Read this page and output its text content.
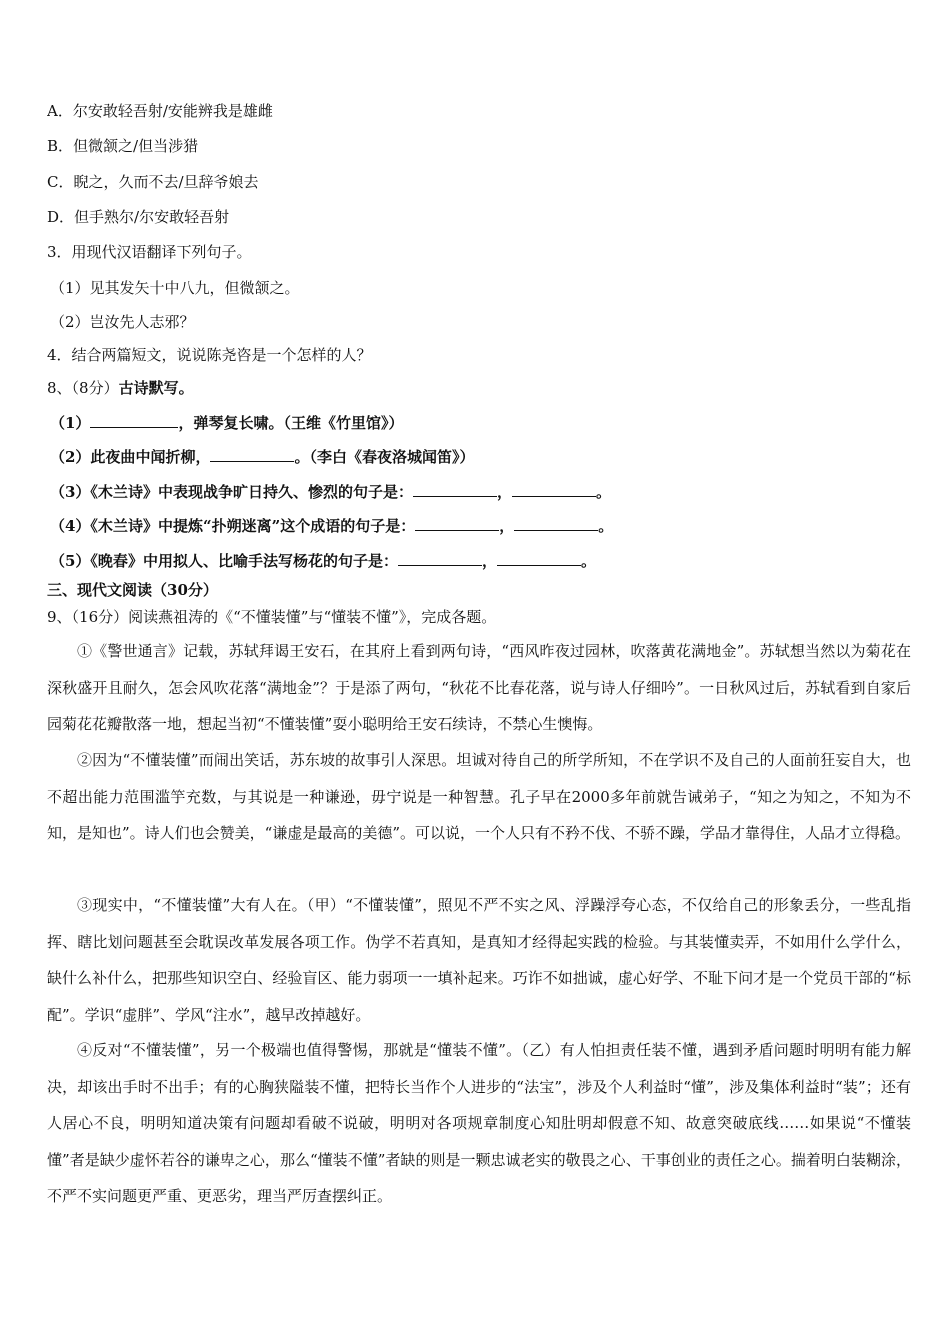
A．尔安敢轻吾射/安能辨我是雄雌
B．但微颔之/但当涉猎
C．睨之，久而不去/旦辞爷娘去
D．但手熟尔/尔安敢轻吾射
3．用现代汉语翻译下列句子。
（1）见其发矢十中八九，但微颔之。
（2）岂汝先人志邪？
4．结合两篇短文，说说陈尧咨是一个怎样的人？
8、（8分）古诗默写。
（1）	，弹琴复长啸。（王维《竹里馆》）
（2）此夜曲中闻折柳，	。（李白《春夜洛城闻笛》）
（3）《木兰诗》中表现战争旷日持久、惨烈的句子是：	，	。
（4）《木兰诗》中提炼“扑朔迷离”这个成语的句子是：	，	。
（5）《晚春》中用拟人、比喻手法写杨花的句子是：	，	。
三、现代文阅读（30分）
9、（16分）阅读燕祖涛的《“不懂装懂”与“懂装不懂”》，完成各题。
①《警世通言》记载，苏轼拜谒王安石，在其府上看到两句诗，“西风昨夜过园林，吹落黄花满地金”。苏轼想当然以为菊花在深秋盛开且耐久，怎会风吹花落“满地金”？于是添了两句，“秋花不比春花落，说与诗人仔细吟”。一日秋风过后，苏轼看到自家后园菊花花瓣散落一地，想起当初“不懂装懂”耍小聪明给王安石续诗，不禁心生懊悔。
②因为“不懂装懂”而闹出笑话，苏东坡的故事引人深思。坦诚对待自己的所学所知，不在学识不及自己的人面前狂妄自大，也不超出能力范围滥竽充数，与其说是一种谦逊，毋宁说是一种智慧。孔子早在2000多年前就告诫弟子，“知之为知之，不知为不知，是知也”。诗人们也会赞美，“谦虚是最高的美德”。可以说，一个人只有不矜不伐、不骄不躁，学品才靠得住，人品才立得稳。
③现实中，“不懂装懂”大有人在。（甲）“不懂装懂”，照见不严不实之风、浮躁浮夸心态，不仅给自己的形象丢分，一些乱指挥、瞎比划问题甚至会耽误改革发展各项工作。伪学不若真知，是真知才经得起实践的检验。与其装懂卖弄，不如用什么学什么，缺什么补什么，把那些知识空白、经验盲区、能力弱项一一填补起来。巧诈不如拙诚，虚心好学、不耻下问才是一个党员干部的“标配”。学识“虚胖”、学风“注水”，越早改掉越好。
④反对“不懂装懂”，另一个极端也值得警惕，那就是“懂装不懂”。（乙）有人怕担责任装不懂，遇到矛盾问题时明明有能力解决，却该出手时不出手；有的心胸狭隘装不懂，把特长当作个人进步的“法宝”，涉及个人利益时“懂”，涉及集体利益时“装”；还有人居心不良，明明知道决策有问题却看破不说破，明明对各项规章制度心知肚明却假意不知、故意突破底线……如果说“不懂装懂”者是缺少虚怀若谷的谦卑之心，那么“懂装不懂”者缺的则是一颗忠诚老实的敬畏之心、干事创业的责任之心。揣着明白装糊涂，不严不实问题更严重、更恶劣，理当严厉查摆纠正。
